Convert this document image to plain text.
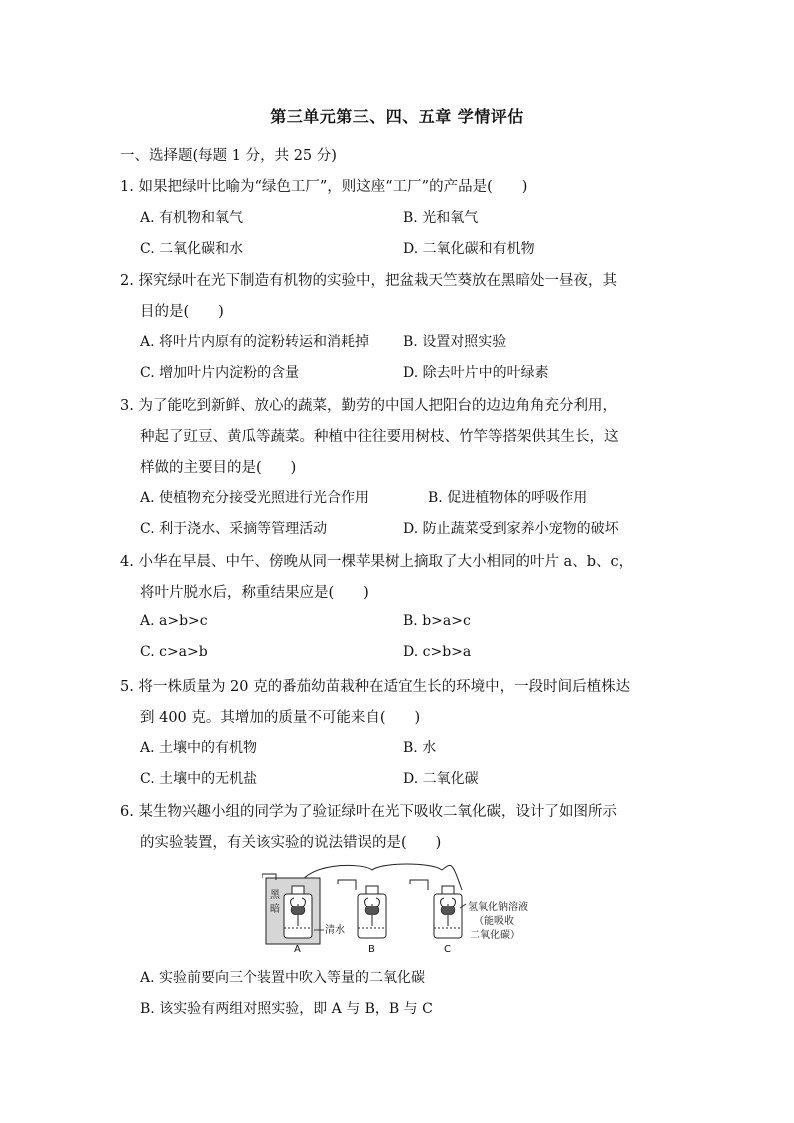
第三单元第三、四、五章 学情评估
一、选择题(每题 1 分，共 25 分)
1. 如果把绿叶比喻为“绿色工厂”，则这座“工厂”的产品是(　　)
A. 有机物和氧气	B. 光和氧气
C. 二氧化碳和水	D. 二氧化碳和有机物
2. 探究绿叶在光下制造有机物的实验中，把盆栽天竺葵放在黑暗处一昼夜，其
目的是(　　)
A. 将叶片内原有的淀粉转运和消耗掉 B. 设置对照实验
C. 增加叶片内淀粉的含量	D. 除去叶片中的叶绿素
3. 为了能吃到新鲜、放心的蔬菜，勤劳的中国人把阳台的边边角角充分利用，
种起了豇豆、黄瓜等蔬菜。种植中往往要用树枝、竹竿等搭架供其生长，这
样做的主要目的是(　　)
A. 使植物充分接受光照进行光合作用	B. 促进植物体的呼吸作用
C. 利于浇水、采摘等管理活动	D. 防止蔬菜受到家养小宠物的破坏
4. 小华在早晨、中午、傍晚从同一棵苹果树上摘取了大小相同的叶片 a、b、c，
将叶片脱水后，称重结果应是(　　)
A. a>b>c	B. b>a>c
C. c>a>b	D. c>b>a
5. 将一株质量为 20 克的番茄幼苗栽种在适宜生长的环境中，一段时间后植株达
到 400 克。其增加的质量不可能来自(　　)
A. 土壤中的有机物	B. 水
C. 土壤中的无机盐	D. 二氧化碳
6. 某生物兴趣小组的同学为了验证绿叶在光下吸收二氧化碳，设计了如图所示
的实验装置，有关该实验的说法错误的是(　　)
黑
暗
清水
氢氧化钠溶液
（能吸收
二氧化碳）
A	B	C
A. 实验前要向三个装置中吹入等量的二氧化碳
B. 该实验有两组对照实验，即 A 与 B，B 与 C
